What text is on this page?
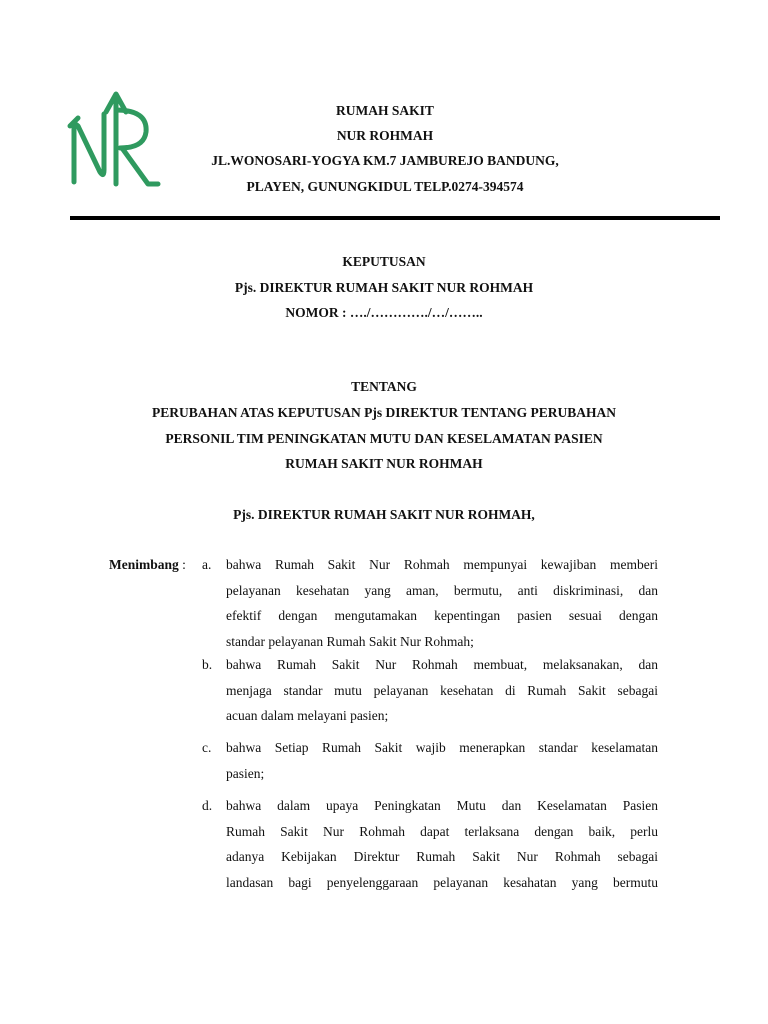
RUMAH SAKIT
NUR ROHMAH
JL.WONOSARI-YOGYA KM.7 JAMBUREJO BANDUNG,
PLAYEN, GUNUNGKIDUL TELP.0274-394574
KEPUTUSAN
Pjs. DIREKTUR RUMAH SAKIT NUR ROHMAH
NOMOR : …./…………./…/……..
TENTANG
PERUBAHAN ATAS KEPUTUSAN Pjs DIREKTUR TENTANG PERUBAHAN
PERSONIL TIM PENINGKATAN MUTU DAN KESELAMATAN PASIEN
RUMAH SAKIT NUR ROHMAH
Pjs. DIREKTUR RUMAH SAKIT NUR ROHMAH,
Menimbang : a. bahwa Rumah Sakit Nur Rohmah mempunyai kewajiban memberi
pelayanan kesehatan yang aman, bermutu, anti diskriminasi, dan
efektif dengan mengutamakan kepentingan pasien sesuai dengan
standar pelayanan Rumah Sakit Nur Rohmah;
b. bahwa Rumah Sakit Nur Rohmah membuat, melaksanakan, dan
menjaga standar mutu pelayanan kesehatan di Rumah Sakit sebagai
acuan dalam melayani pasien;
c. bahwa Setiap Rumah Sakit wajib menerapkan standar keselamatan
pasien;
d. bahwa dalam upaya Peningkatan Mutu dan Keselamatan Pasien
Rumah Sakit Nur Rohmah dapat terlaksana dengan baik, perlu
adanya Kebijakan Direktur Rumah Sakit Nur Rohmah sebagai
landasan bagi penyelenggaraan pelayanan kesahatan yang bermutu
